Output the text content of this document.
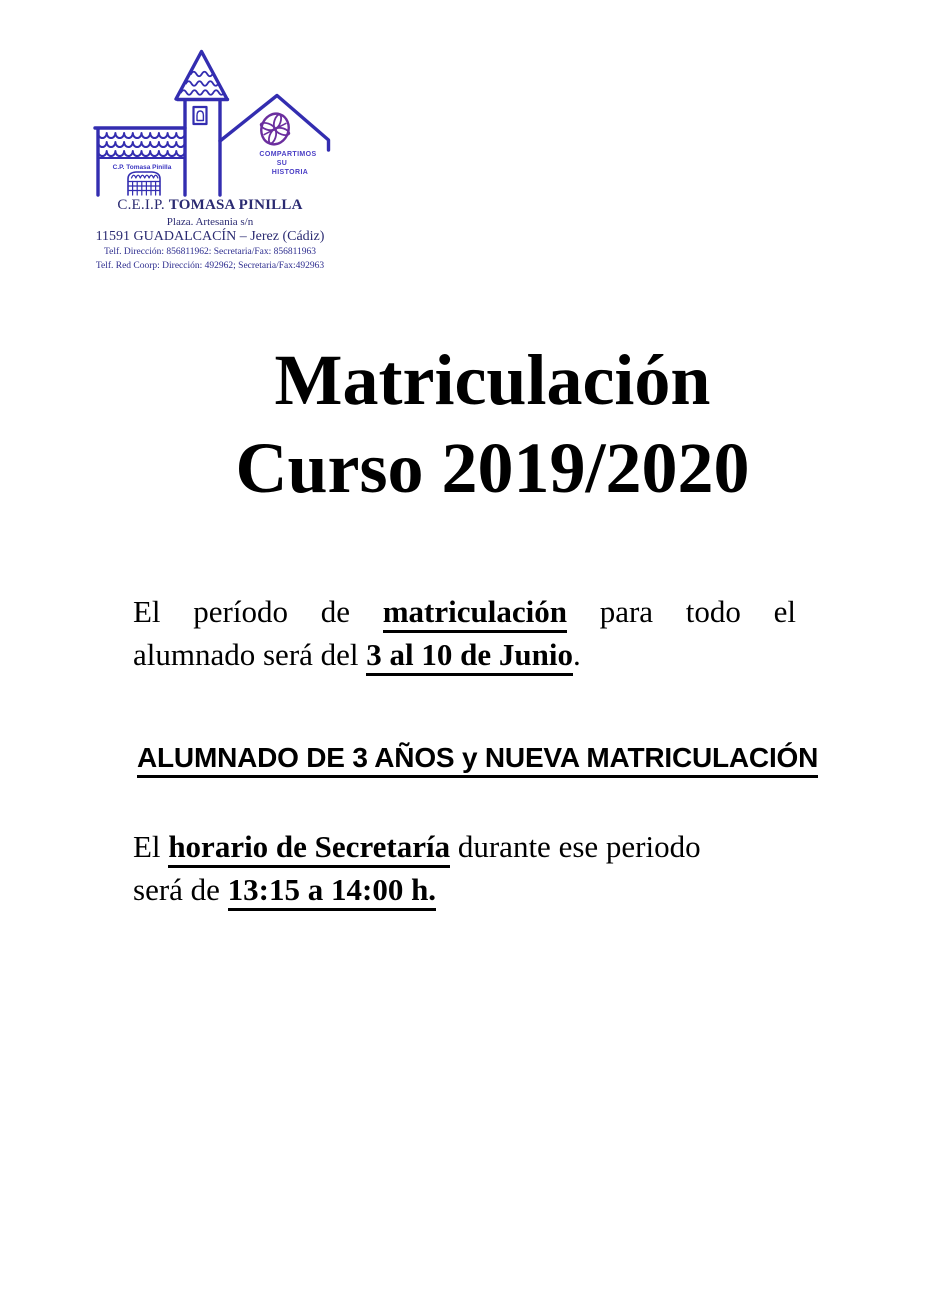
C.P. Tomasa Pinilla
COMPARTIMOS
SU
HISTORIA
C.E.I.P. TOMASA PINILLA
Plaza. Artesania s/n
11591 GUADALCACÍN – Jerez (Cádiz)
Telf. Dirección: 856811962: Secretaria/Fax: 856811963
Telf. Red Coorp: Dirección: 492962; Secretaria/Fax:492963
Matriculación
Curso 2019/2020
El período de matriculación para todo el
alumnado será del 3 al 10 de Junio.
ALUMNADO DE 3 AÑOS y NUEVA MATRICULACIÓN
El horario de Secretaría durante ese periodo
será de 13:15 a 14:00 h.
